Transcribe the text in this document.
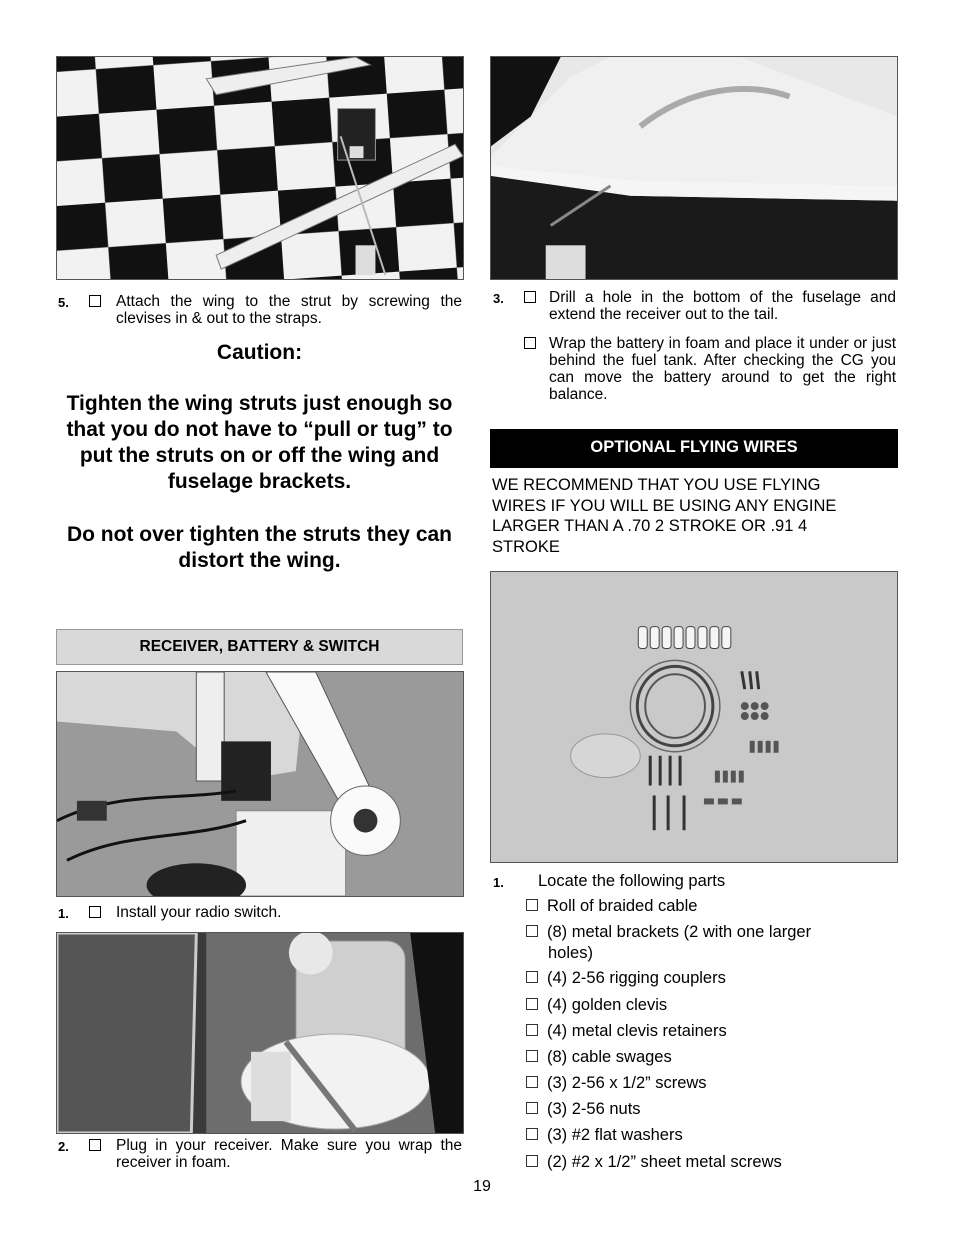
5.	Attach the wing to the strut by screwing the clevises in & out to the straps.
Caution:
Tighten the wing struts just enough so that you do not have to “pull or tug” to put the struts on or off the wing and fuselage brackets.
Do not over tighten the struts they can distort the wing.
RECEIVER, BATTERY & SWITCH
1.	Install your radio switch.
2.	Plug in your receiver. Make sure you wrap the receiver in foam.
3.	Drill a hole in the bottom of the fuselage and extend the receiver out to the tail.
Wrap the battery in foam and place it under or just behind the fuel tank. After checking the CG you can move the battery around to get the right balance.
OPTIONAL FLYING WIRES
WE RECOMMEND THAT YOU USE FLYING WIRES IF YOU WILL BE USING ANY ENGINE LARGER THAN A .70 2 STROKE OR .91 4 STROKE
1. Locate the following parts
Roll of braided cable
(8) metal brackets (2 with one larger
holes)
(4) 2-56 rigging couplers
(4) golden clevis
(4) metal clevis retainers
(8) cable swages
(3) 2-56 x 1/2” screws
(3) 2-56 nuts
(3) #2 flat washers
(2) #2 x 1/2” sheet metal screws
19
